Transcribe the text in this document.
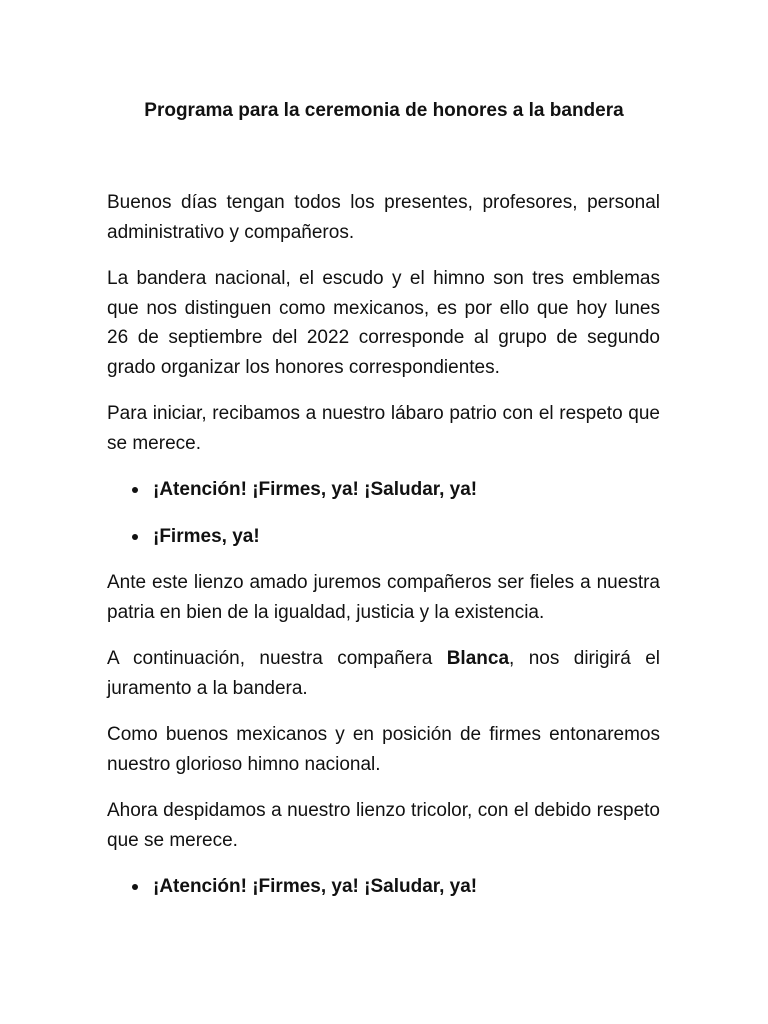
Programa para la ceremonia de honores a la bandera

Buenos días tengan todos los presentes, profesores, personal administrativo y compañeros.

La bandera nacional, el escudo y el himno son tres emblemas que nos distinguen como mexicanos, es por ello que hoy lunes 26 de septiembre del 2022 corresponde al grupo de segundo grado organizar los honores correspondientes.

Para iniciar, recibamos a nuestro lábaro patrio con el respeto que se merece.

¡Atención! ¡Firmes, ya! ¡Saludar, ya!
¡Firmes, ya!

Ante este lienzo amado juremos compañeros ser fieles a nuestra patria en bien de la igualdad, justicia y la existencia.

A continuación, nuestra compañera Blanca, nos dirigirá el juramento a la bandera.

Como buenos mexicanos y en posición de firmes entonaremos nuestro glorioso himno nacional.

Ahora despidamos a nuestro lienzo tricolor, con el debido respeto que se merece.

¡Atención! ¡Firmes, ya! ¡Saludar, ya!
